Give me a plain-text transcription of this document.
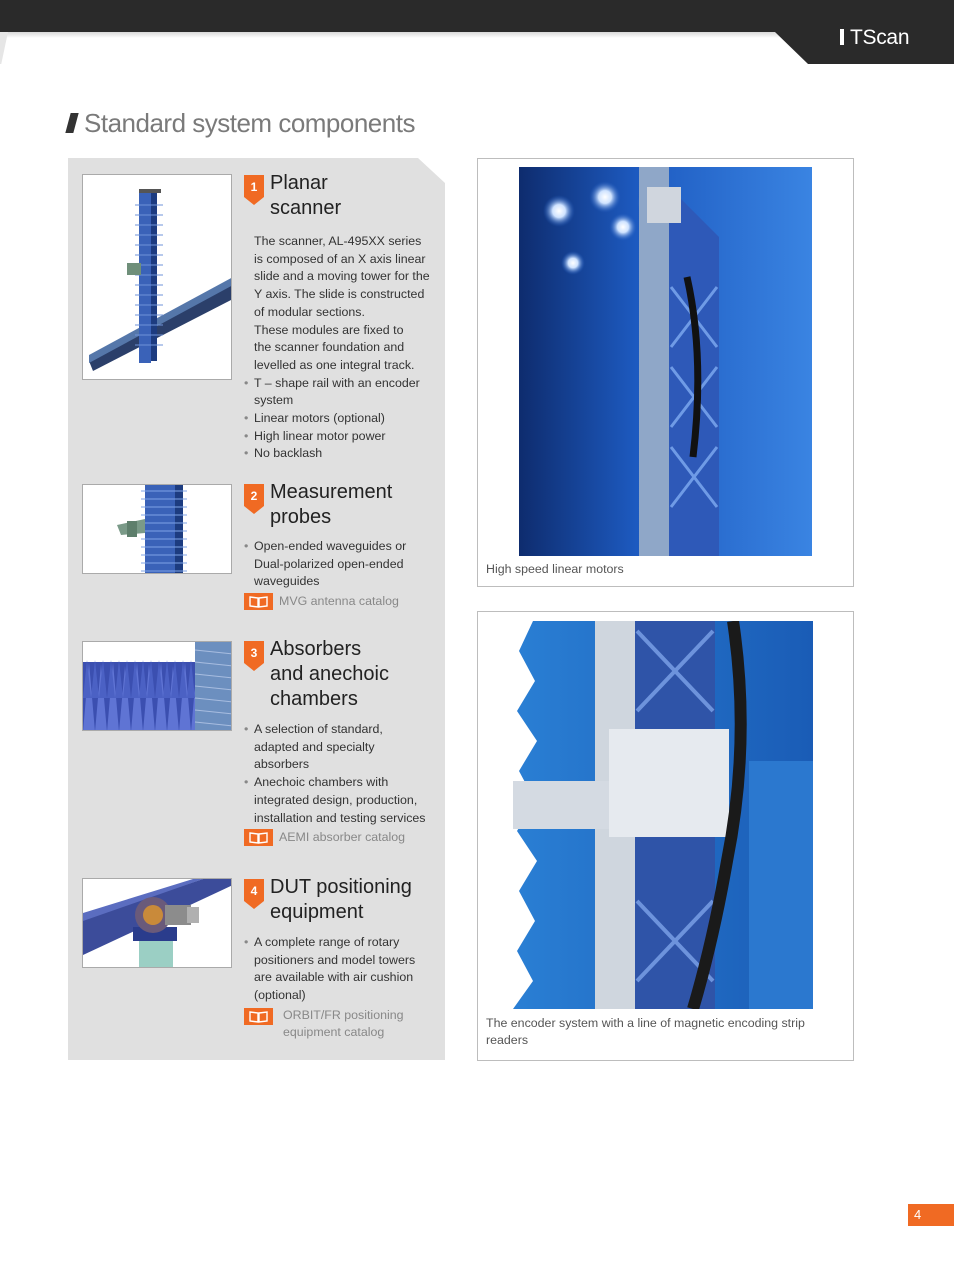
TScan
Standard system components
1 Planar
scanner

The scanner, AL-495XX series

is composed of an X axis linear

slide and a moving tower for the

Y axis. The slide is constructed

of modular sections.

These modules are fixed to

the scanner foundation and

levelled as one integral track.

• T – shape rail with an encoder

system

• Linear motors (optional)

• High linear motor power

• No backlash

2 Measurement
probes

• Open-ended waveguides or

Dual-polarized open-ended

waveguides

MVG antenna catalog
3 Absorbers
and anechoic
chambers

• A selection of standard,

adapted and specialty

absorbers

• Anechoic chambers with

integrated design, production,

installation and testing services

AEMI absorber catalog
4 DUT positioning
equipment

• A complete range of rotary

positioners and model towers

are available with air cushion

(optional)

ORBIT/FR positioning
equipment catalog
High speed linear motors
The encoder system with a line of magnetic encoding strip
readers
4
